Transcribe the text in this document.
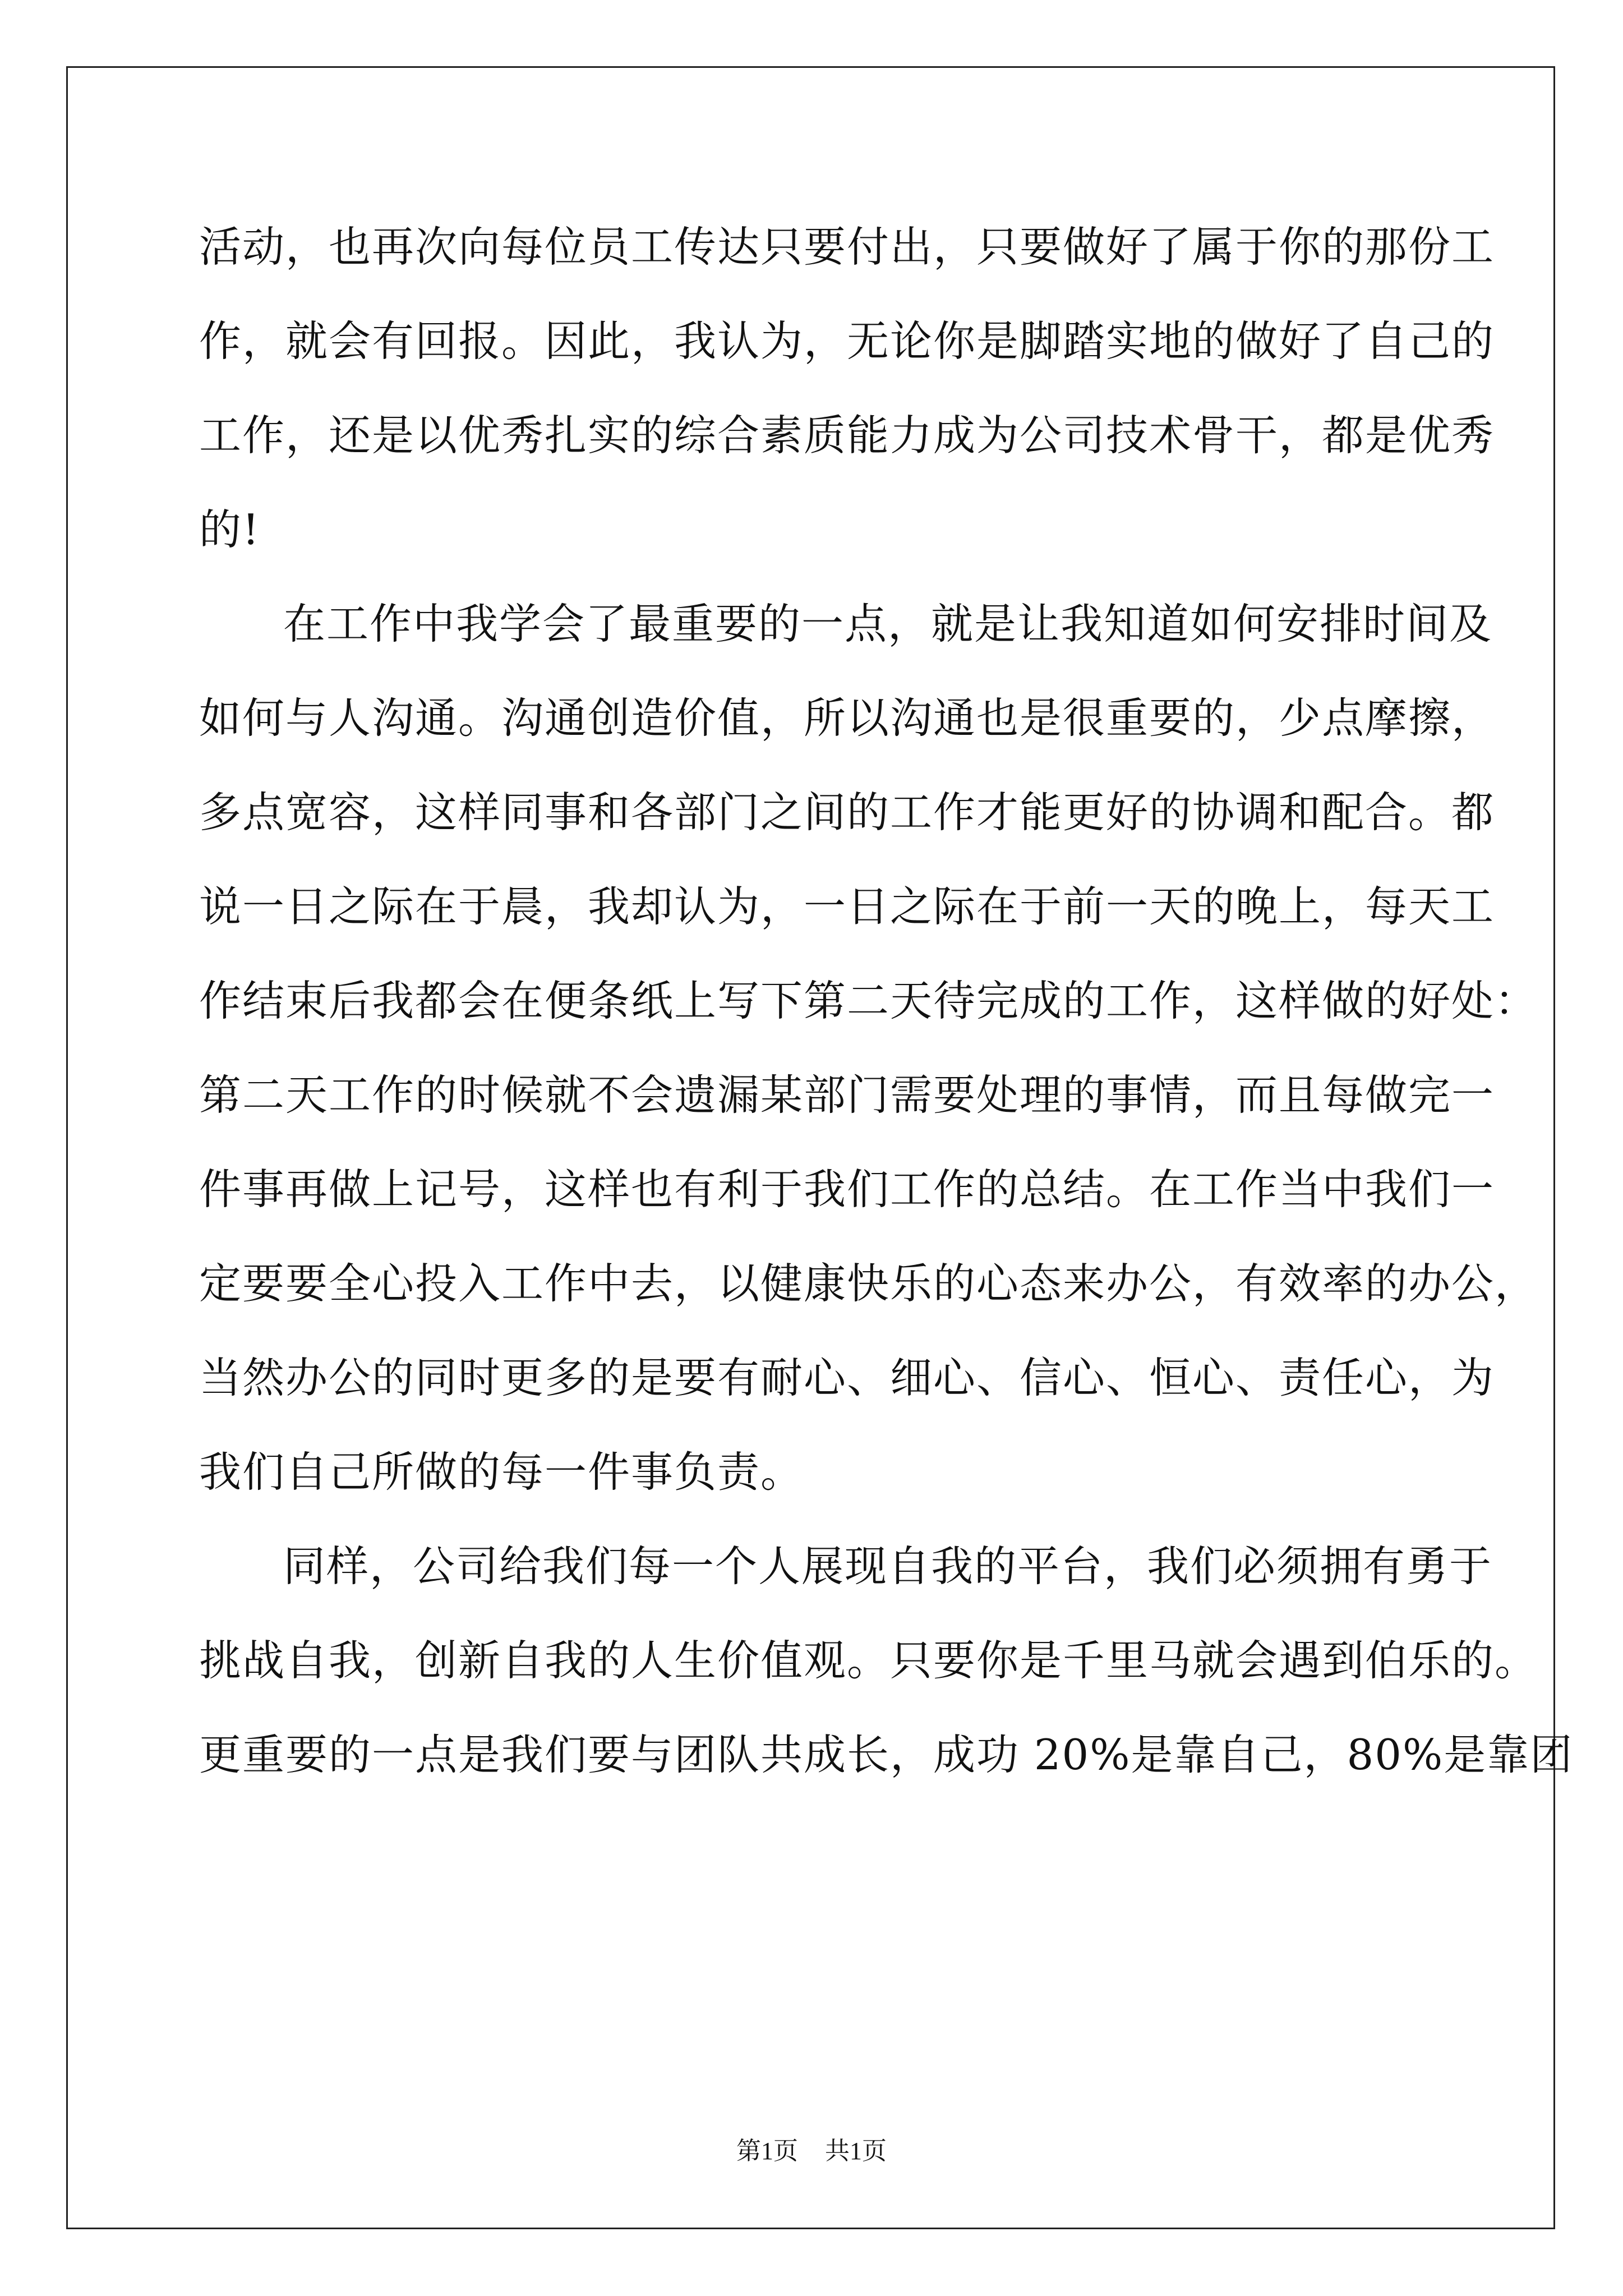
活动，也再次向每位员工传达只要付出，只要做好了属于你的那份工
作，就会有回报。因此，我认为，无论你是脚踏实地的做好了自己的
工作，还是以优秀扎实的综合素质能力成为公司技术骨干，都是优秀
的!
在工作中我学会了最重要的一点，就是让我知道如何安排时间及
如何与人沟通。沟通创造价值，所以沟通也是很重要的，少点摩擦，
多点宽容，这样同事和各部门之间的工作才能更好的协调和配合。都
说一日之际在于晨，我却认为，一日之际在于前一天的晚上，每天工
作结束后我都会在便条纸上写下第二天待完成的工作，这样做的好处：
第二天工作的时候就不会遗漏某部门需要处理的事情，而且每做完一
件事再做上记号，这样也有利于我们工作的总结。在工作当中我们一
定要要全心投入工作中去，以健康快乐的心态来办公，有效率的办公，
当然办公的同时更多的是要有耐心、细心、信心、恒心、责任心，为
我们自己所做的每一件事负责。
同样，公司给我们每一个人展现自我的平台，我们必须拥有勇于
挑战自我，创新自我的人生价值观。只要你是千里马就会遇到伯乐的。
更重要的一点是我们要与团队共成长，成功 20%是靠自己，80%是靠团
第1页 共1页
